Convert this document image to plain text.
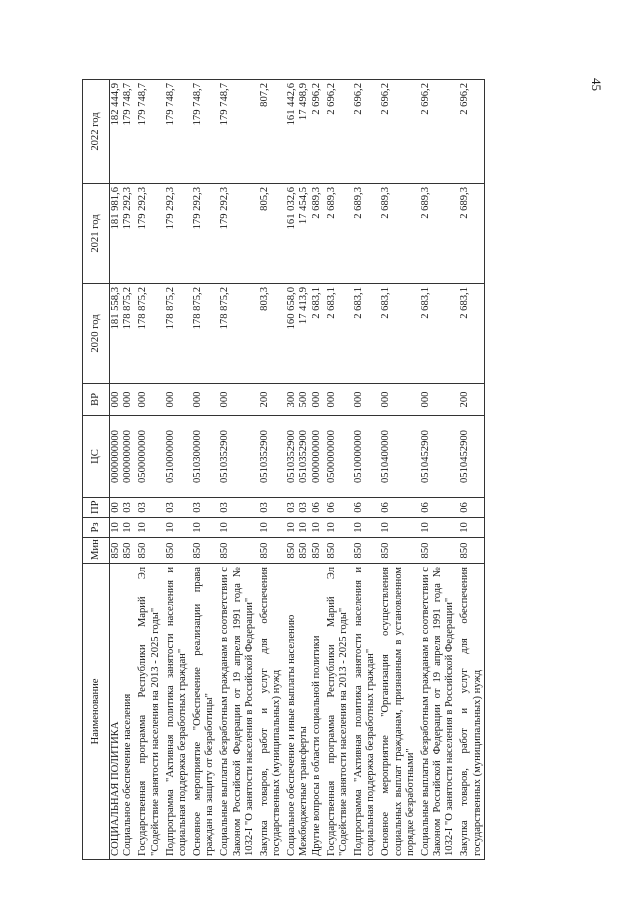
45
Наименование	Мин	Рз	ПР	ЦС	ВР	2020 год	2021 год	2022 год
СОЦИАЛЬНАЯ ПОЛИТИКА	850	10	00	0000000000	000	181 558,3	181 981,6	182 444,9
Социальное обеспечение населения	850	10	03	0000000000	000	178 875,2	179 292,3	179 748,7
Государственная программа Республики Марий Эл "Содействие занятости населения на 2013 - 2025 годы"	850	10	03	0500000000	000	178 875,2	179 292,3	179 748,7
Подпрограмма "Активная политика занятости населения и социальная поддержка безработных граждан"	850	10	03	0510000000	000	178 875,2	179 292,3	179 748,7
Основное мероприятие "Обеспечение реализации права граждан на защиту от безработицы"	850	10	03	0510300000	000	178 875,2	179 292,3	179 748,7
Социальные выплаты безработным гражданам в соответствии с Законом Российской Федерации от 19 апреля 1991 года № 1032-I "О занятости населения в Российской Федерации"	850	10	03	0510352900	000	178 875,2	179 292,3	179 748,7
Закупка товаров, работ и услуг для обеспечения государственных (муниципальных) нужд	850	10	03	0510352900	200	803,3	805,2	807,2
Социальное обеспечение и иные выплаты населению	850	10	03	0510352900	300	160 658,0	161 032,6	161 442,6
Межбюджетные трансферты	850	10	03	0510352900	500	17 413,9	17 454,5	17 498,9
Другие вопросы в области социальной политики	850	10	06	0000000000	000	2 683,1	2 689,3	2 696,2
Государственная программа Республики Марий Эл "Содействие занятости населения на 2013 - 2025 годы"	850	10	06	0500000000	000	2 683,1	2 689,3	2 696,2
Подпрограмма "Активная политика занятости населения и социальная поддержка безработных граждан"	850	10	06	0510000000	000	2 683,1	2 689,3	2 696,2
Основное мероприятие "Организация осуществления социальных выплат гражданам, признанным в установленном порядке безработными"	850	10	06	0510400000	000	2 683,1	2 689,3	2 696,2
Социальные выплаты безработным гражданам в соответствии с Законом Российской Федерации от 19 апреля 1991 года № 1032-I "О занятости населения в Российской Федерации"	850	10	06	0510452900	000	2 683,1	2 689,3	2 696,2
Закупка товаров, работ и услуг для обеспечения государственных (муниципальных) нужд	850	10	06	0510452900	200	2 683,1	2 689,3	2 696,2
